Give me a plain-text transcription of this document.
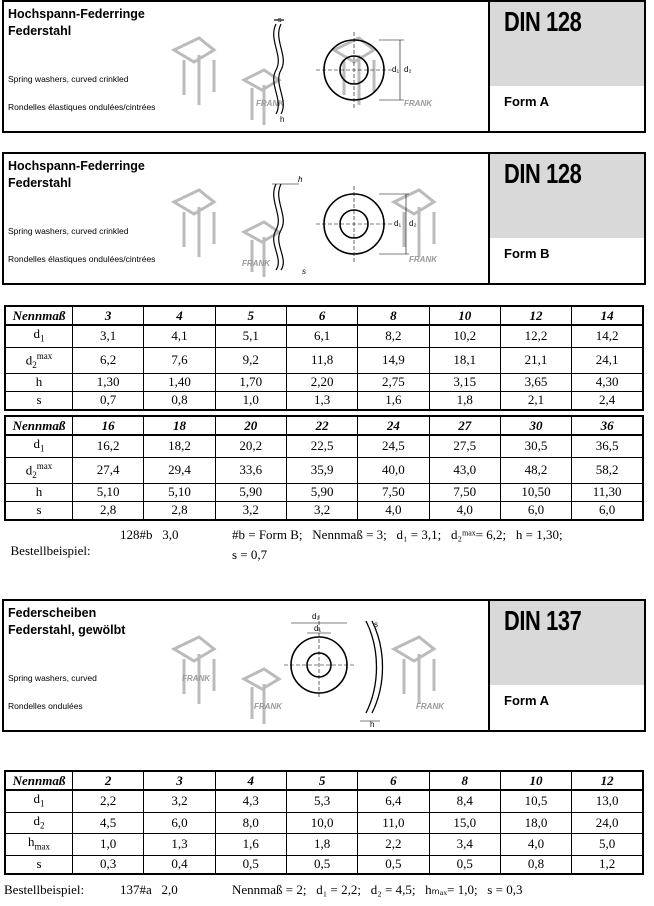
Hochspann-Federringe
Federstahl
Spring washers, curved crinkled
Rondelles élastiques ondulées/cintrées	FRANK	FRANK
s
h
d₁ d₂
DIN 128
Form A
Hochspann-Federringe
Federstahl
Spring washers, curved crinkled
Rondelles élastiques ondulées/cintrées	FRANK	FRANK
h
s
d₁ d₂
DIN 128
Form B
Nennmaß	3	4	5	6	8	10	12	14
$d_1$	3,1	4,1	5,1	6,1	8,2	10,2	12,2	14,2
$d_2^{max}$	6,2	7,6	9,2	11,8	14,9	18,1	21,1	24,1
h	1,30	1,40	1,70	2,20	2,75	3,15	3,65	4,30
s	0,7	0,8	1,0	1,3	1,6	1,8	2,1	2,4
Nennmaß	16	18	20	22	24	27	30	36
$d_1$	16,2	18,2	20,2	22,5	24,5	27,5	30,5	36,5
$d_2^{max}$	27,4	29,4	33,6	35,9	40,0	43,0	48,2	58,2
h	5,10	5,10	5,90	5,90	7,50	7,50	10,50	11,30
s	2,8	2,8	3,2	3,2	4,0	4,0	6,0	6,0

Bestellbeispiel:

128#b   3,0	#b = Form B;   Nennmaß = 3;   d₁ = 3,1;   d₂ᵐᵃˣ= 6,2;   h = 1,30;
s = 0,7
Federscheiben
Federstahl, gewölbt
Spring washers, curved
Rondelles ondulées
FRANK
FRANK	FRANK
d₂
d₁	s
h
DIN 137
Form A
Nennmaß	2	3	4	5	6	8	10	12
$d_1$	2,2	3,2	4,3	5,3	6,4	8,4	10,5	13,0
$d_2$	4,5	6,0	8,0	10,0	11,0	15,0	18,0	24,0
$h_{max}$	1,0	1,3	1,6	1,8	2,2	3,4	4,0	5,0
s	0,3	0,4	0,5	0,5	0,5	0,5	0,8	1,2
Bestellbeispiel:	137#a   2,0	Nennmaß = 2;   d₁ = 2,2;   d₂ = 4,5;   hₘₐₓ= 1,0;   s = 0,3
